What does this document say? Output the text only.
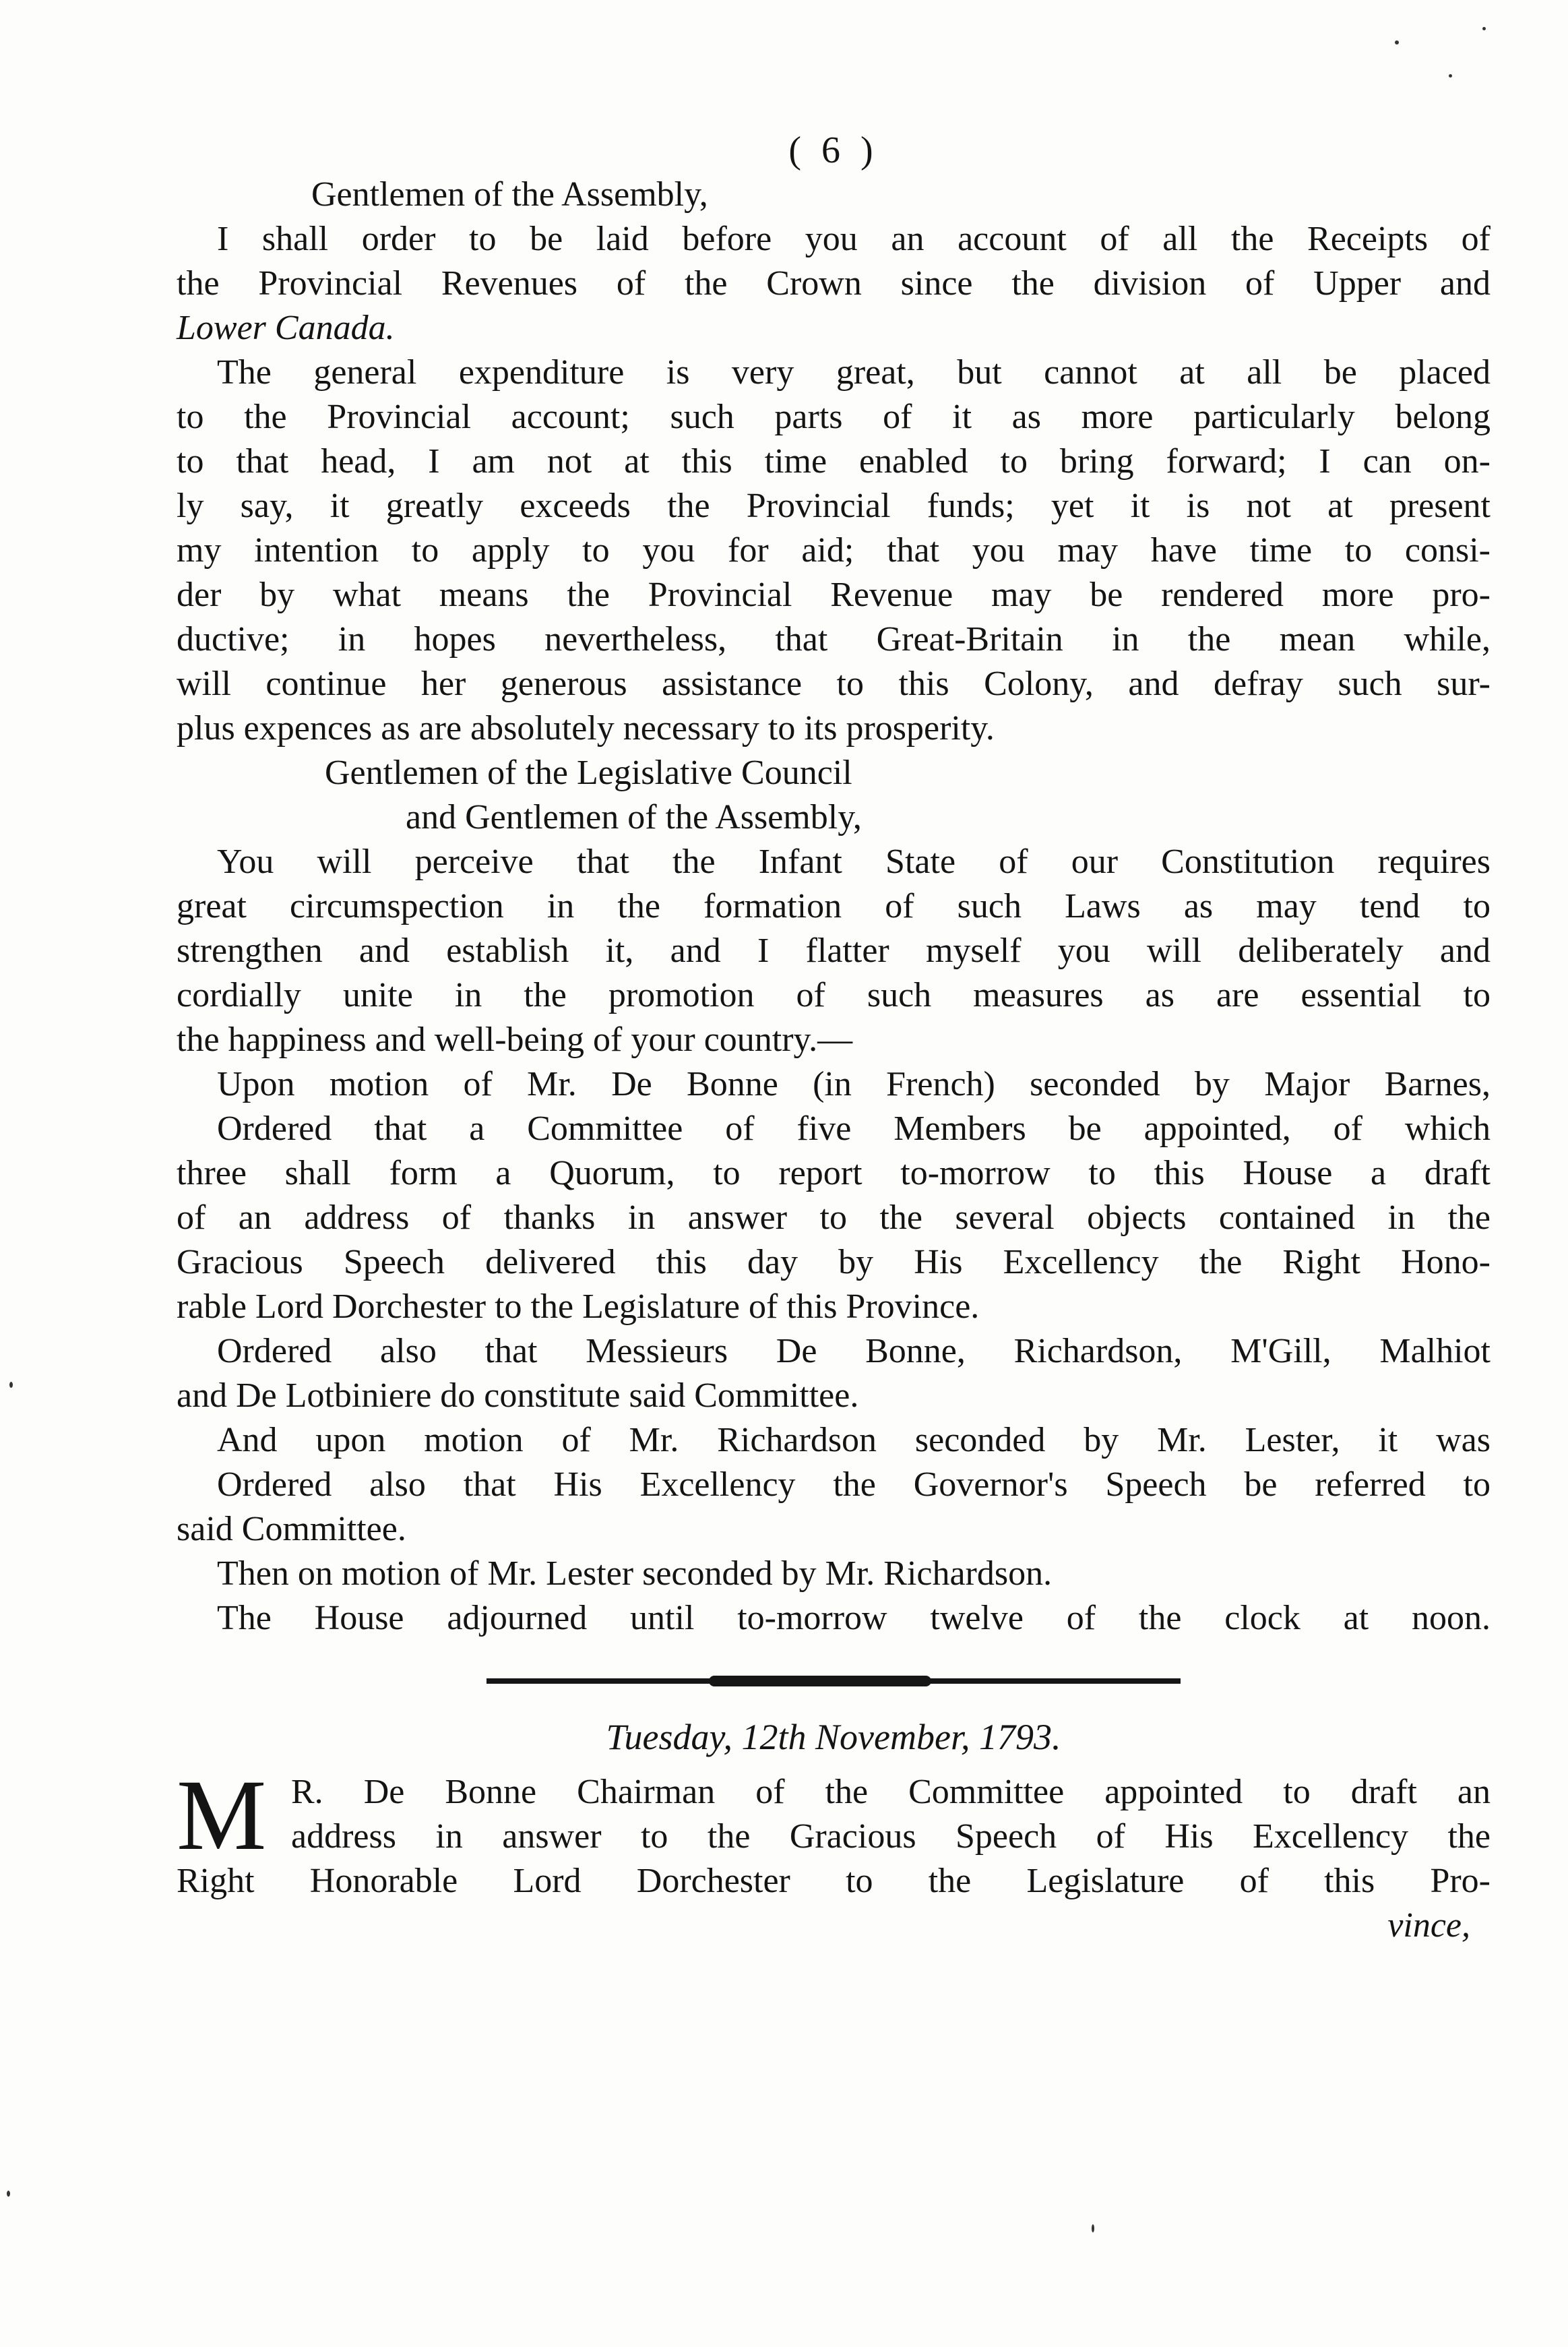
( 6 )
Gentlemen of the Assembly,
I shall order to be laid before you an account of all the Receipts of
the Provincial Revenues of the Crown since the division of Upper and
Lower Canada.
The general expenditure is very great, but cannot at all be placed
to the Provincial account; such parts of it as more particularly belong
to that head, I am not at this time enabled to bring forward; I can on-
ly say, it greatly exceeds the Provincial funds; yet it is not at present
my intention to apply to you for aid; that you may have time to consi-
der by what means the Provincial Revenue may be rendered more pro-
ductive; in hopes nevertheless, that Great-Britain in the mean while,
will continue her generous assistance to this Colony, and defray such sur-
plus expences as are absolutely necessary to its prosperity.
Gentlemen of the Legislative Council
and Gentlemen of the Assembly,
You will perceive that the Infant State of our Constitution requires
great circumspection in the formation of such Laws as may tend to
strengthen and establish it, and I flatter myself you will deliberately and
cordially unite in the promotion of such measures as are essential to
the happiness and well-being of your country.—
Upon motion of Mr. De Bonne (in French) seconded by Major Barnes,
Ordered that a Committee of five Members be appointed, of which
three shall form a Quorum, to report to-morrow to this House a draft
of an address of thanks in answer to the several objects contained in the
Gracious Speech delivered this day by His Excellency the Right Hono-
rable Lord Dorchester to the Legislature of this Province.
Ordered also that Messieurs De Bonne, Richardson, M'Gill, Malhiot
and De Lotbiniere do constitute said Committee.
And upon motion of Mr. Richardson seconded by Mr. Lester, it was
Ordered also that His Excellency the Governor's Speech be referred to
said Committee.
Then on motion of Mr. Lester seconded by Mr. Richardson.
The House adjourned until to-morrow twelve of the clock at noon.
Tuesday, 12th November, 1793.
M R. De Bonne Chairman of the Committee appointed to draft an
address in answer to the Gracious Speech of His Excellency the
Right Honorable Lord Dorchester to the Legislature of this Pro-
vince,
